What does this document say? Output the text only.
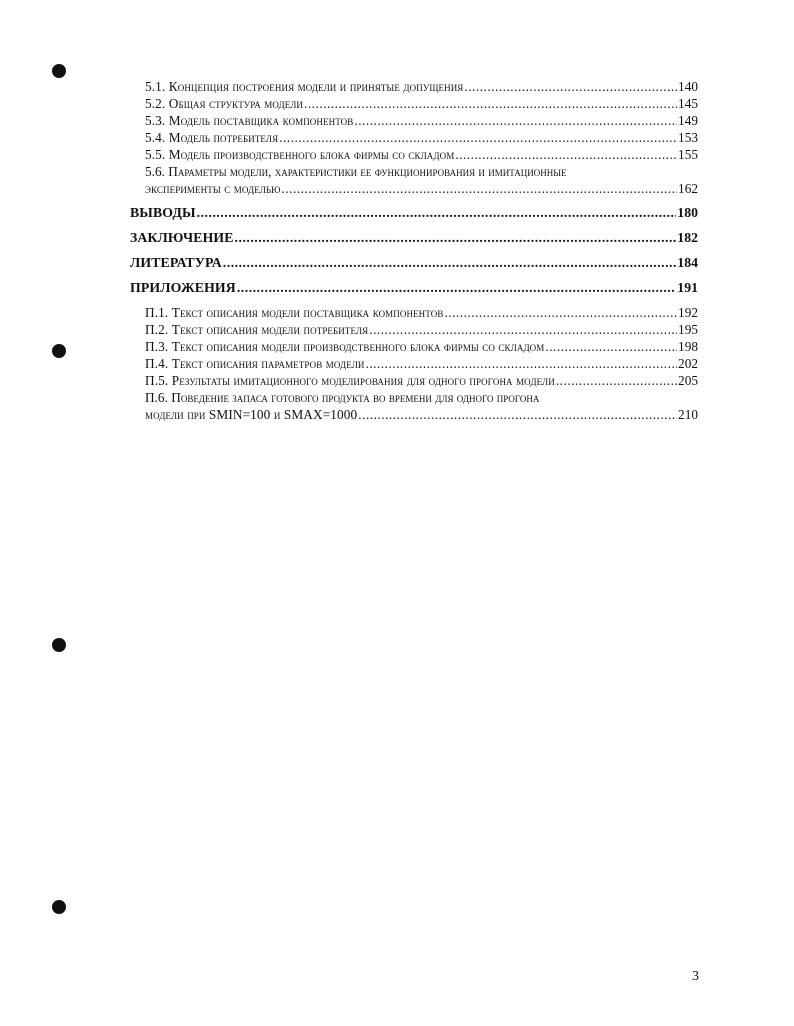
5.1. Концепция построения модели и принятые допущения .....	140
5.2. Общая структура модели .....	145
5.3. Модель поставщика компонентов .....	149
5.4. Модель потребителя .....	153
5.5. Модель производственного блока фирмы со складом .....	155
5.6. Параметры модели, характеристики ее функционирования и имитационные
эксперименты с моделью .....	162
ВЫВОДЫ .....	180
ЗАКЛЮЧЕНИЕ .....	182
ЛИТЕРАТУРА .....	184
ПРИЛОЖЕНИЯ .....	191
П.1. Текст описания модели поставщика компонентов .....	192
П.2. Текст описания модели потребителя .....	195
П.3. Текст описания модели производственного блока фирмы со складом .....	198
П.4. Текст описания параметров модели .....	202
П.5. Результаты имитационного моделирования для одного прогона модели .....	205
П.6. Поведение запаса готового продукта во времени для одного прогона
модели при SMIN=100 и SMAX=1000 .....	210
3
